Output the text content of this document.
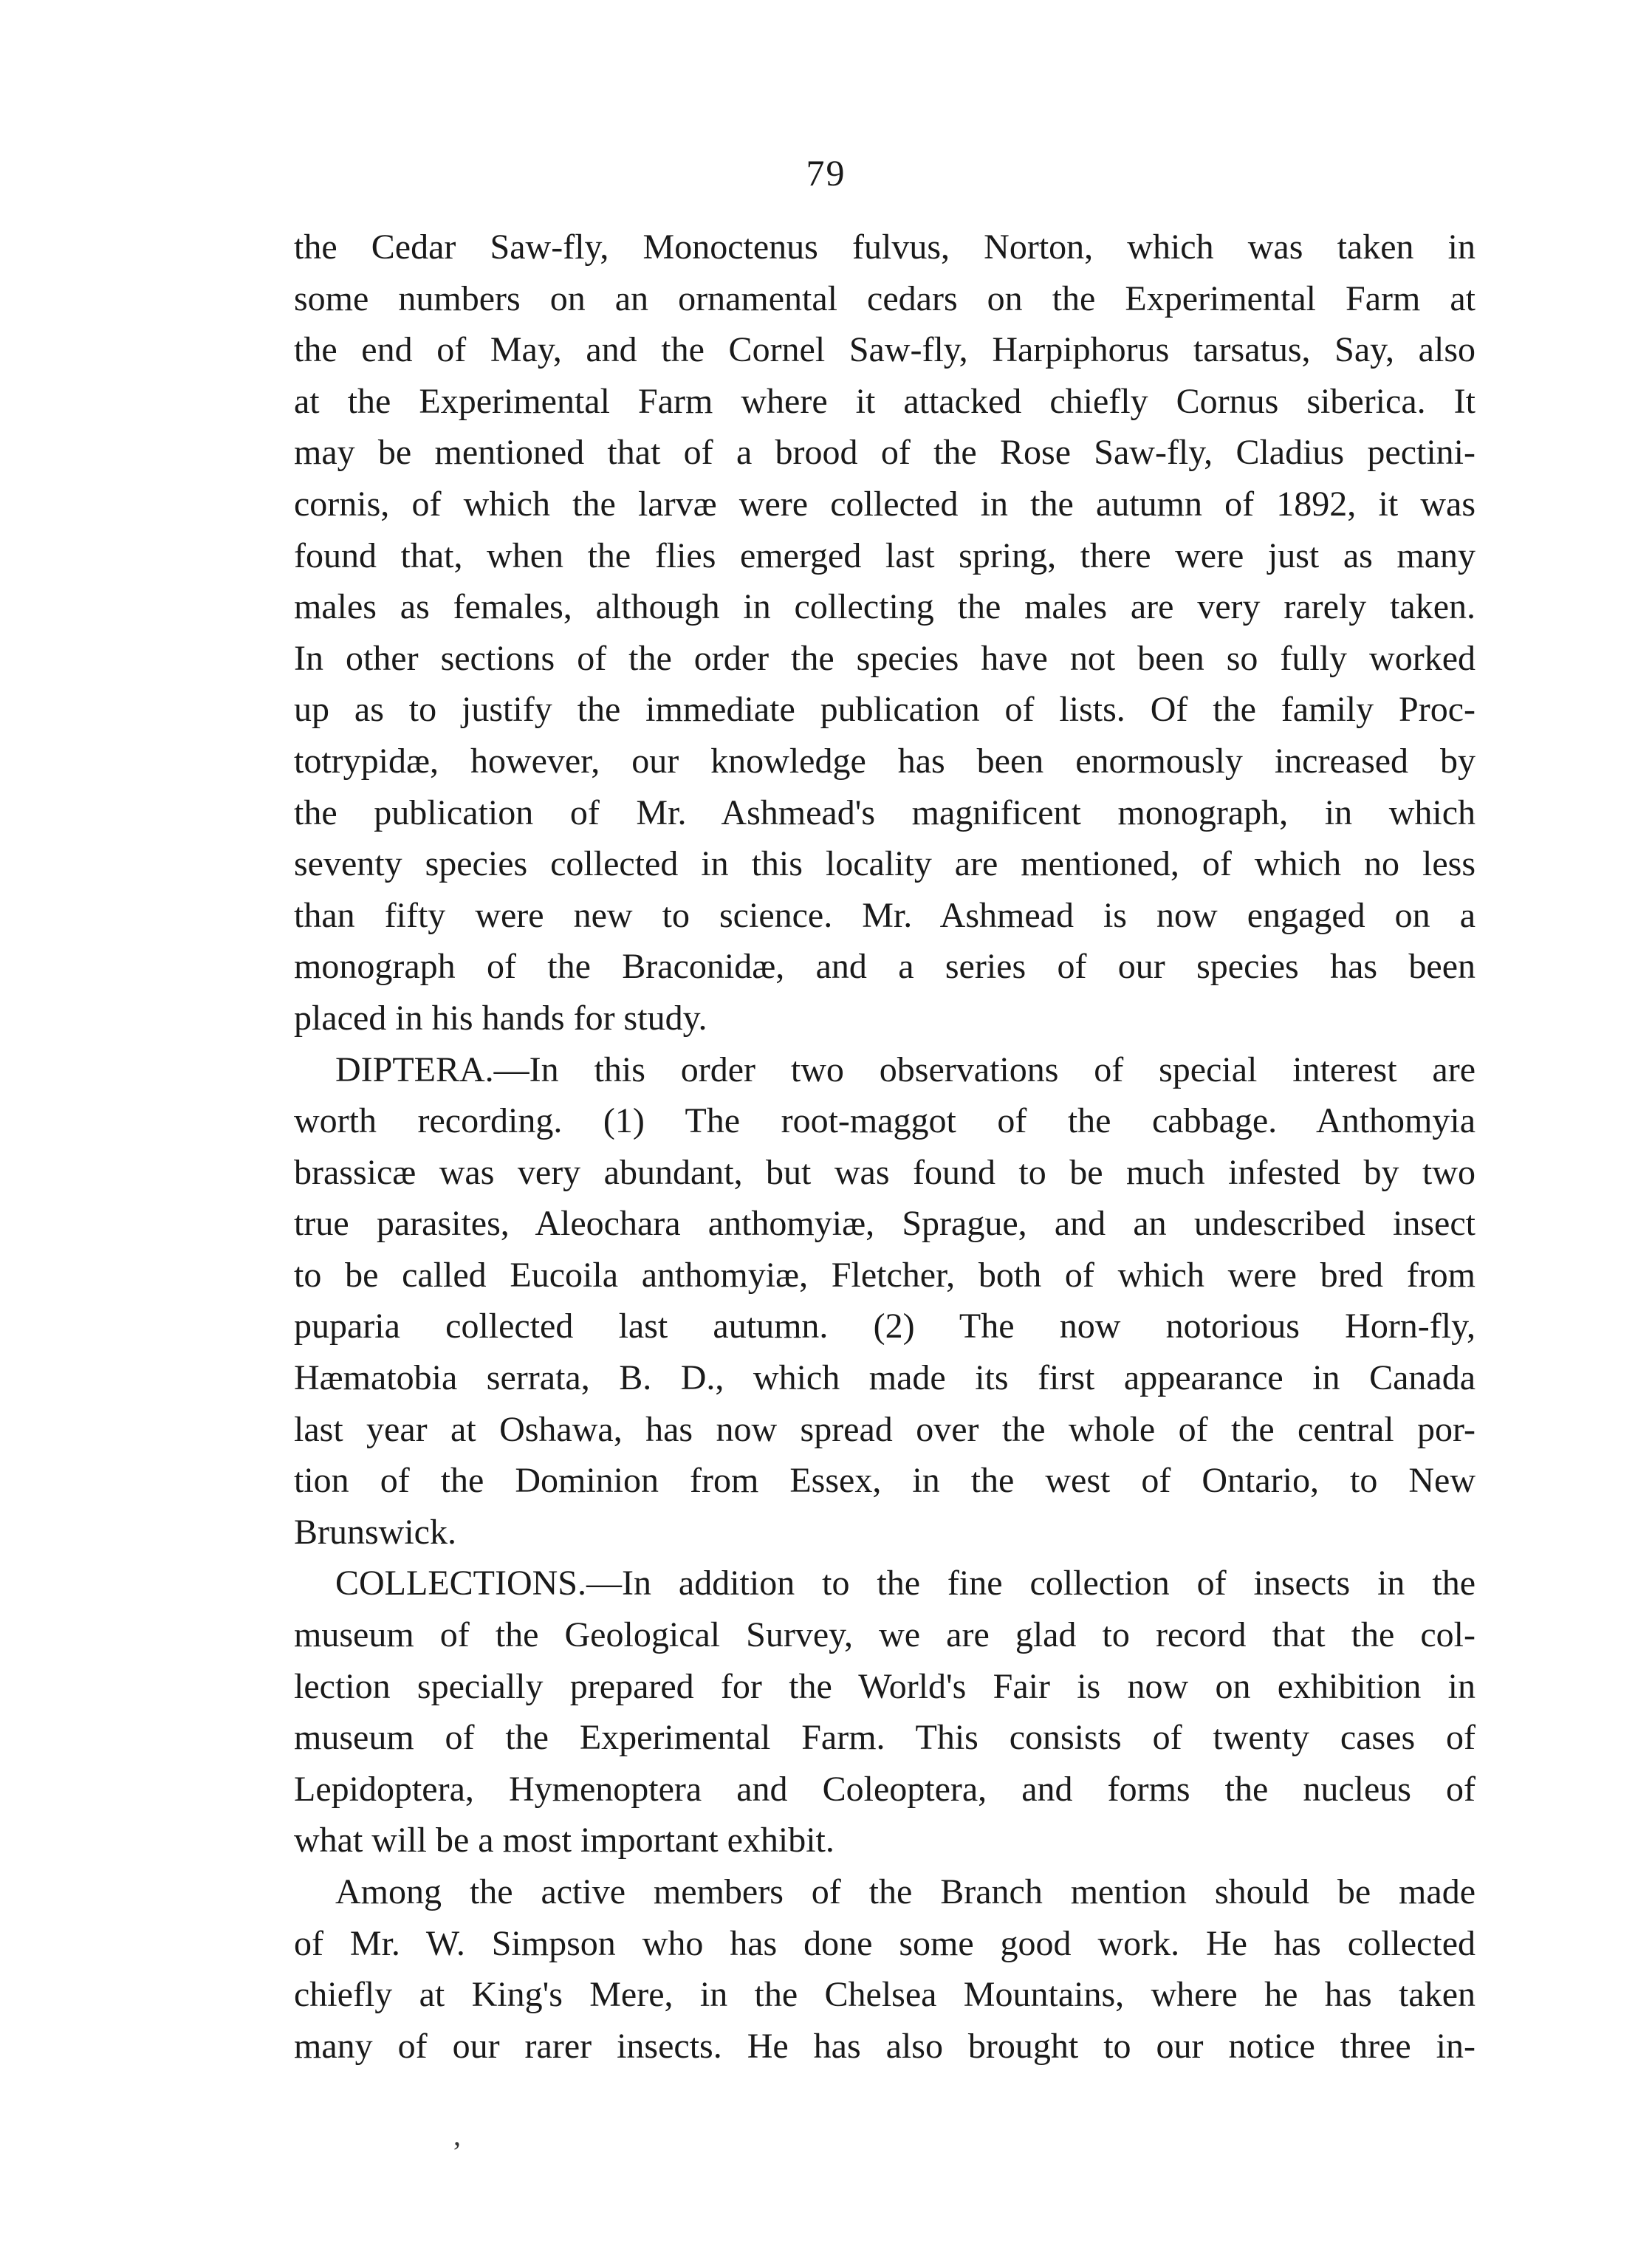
79
the Cedar Saw-fly, Monoctenus fulvus, Norton, which was taken in
some numbers on an ornamental cedars on the Experimental Farm at
the end of May, and the Cornel Saw-fly, Harpiphorus tarsatus, Say, also
at the Experimental Farm where it attacked chiefly Cornus siberica. It
may be mentioned that of a brood of the Rose Saw-fly, Cladius pectini-
cornis, of which the larvæ were collected in the autumn of 1892, it was
found that, when the flies emerged last spring, there were just as many
males as females, although in collecting the males are very rarely taken.
In other sections of the order the species have not been so fully worked
up as to justify the immediate publication of lists. Of the family Proc-
totrypidæ, however, our knowledge has been enormously increased by
the publication of Mr. Ashmead's magnificent monograph, in which
seventy species collected in this locality are mentioned, of which no less
than fifty were new to science. Mr. Ashmead is now engaged on a
monograph of the Braconidæ, and a series of our species has been
placed in his hands for study.
DIPTERA.—In this order two observations of special interest are
worth recording. (1) The root-maggot of the cabbage. Anthomyia
brassicæ was very abundant, but was found to be much infested by two
true parasites, Aleochara anthomyiæ, Sprague, and an undescribed insect
to be called Eucoila anthomyiæ, Fletcher, both of which were bred from
puparia collected last autumn. (2) The now notorious Horn-fly,
Hæmatobia serrata, B. D., which made its first appearance in Canada
last year at Oshawa, has now spread over the whole of the central por-
tion of the Dominion from Essex, in the west of Ontario, to New
Brunswick.
COLLECTIONS.—In addition to the fine collection of insects in the
museum of the Geological Survey, we are glad to record that the col-
lection specially prepared for the World's Fair is now on exhibition in
museum of the Experimental Farm. This consists of twenty cases of
Lepidoptera, Hymenoptera and Coleoptera, and forms the nucleus of
what will be a most important exhibit.
Among the active members of the Branch mention should be made
of Mr. W. Simpson who has done some good work. He has collected
chiefly at King's Mere, in the Chelsea Mountains, where he has taken
many of our rarer insects. He has also brought to our notice three in-
’
